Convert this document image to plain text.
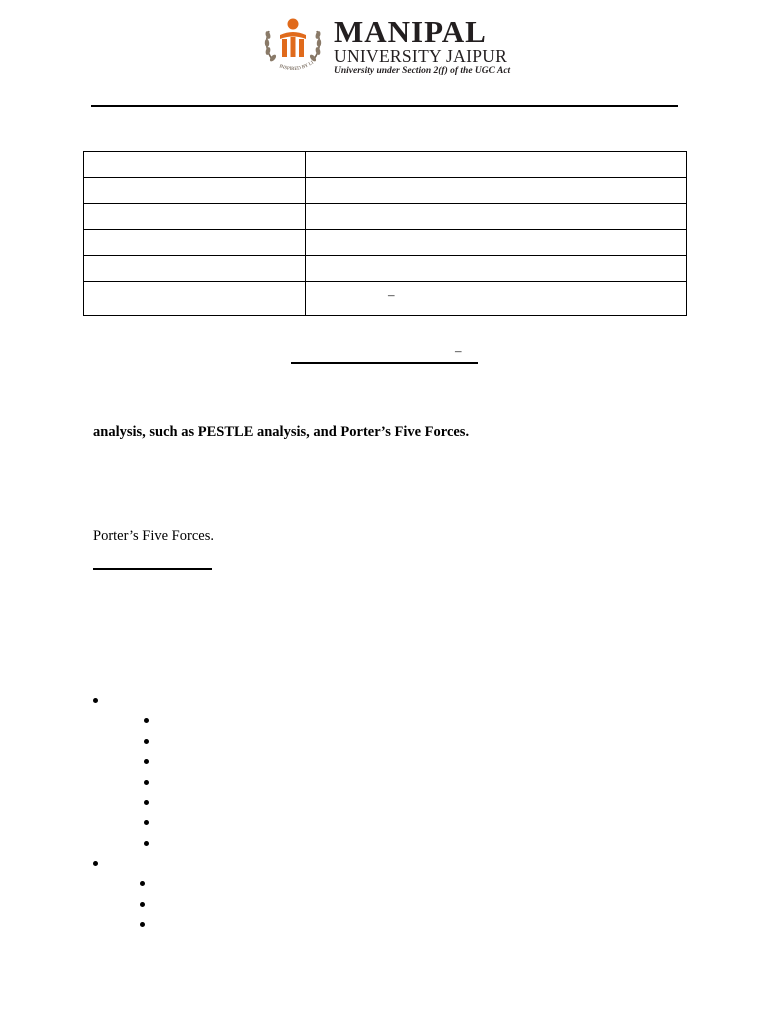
INSPIRED BY LI
MANIPAL
UNIVERSITY JAIPUR
University under Section 2(f) of the UGC Act

	–
–
analysis, such as PESTLE analysis, and Porter’s Five Forces.
Porter’s Five Forces.
